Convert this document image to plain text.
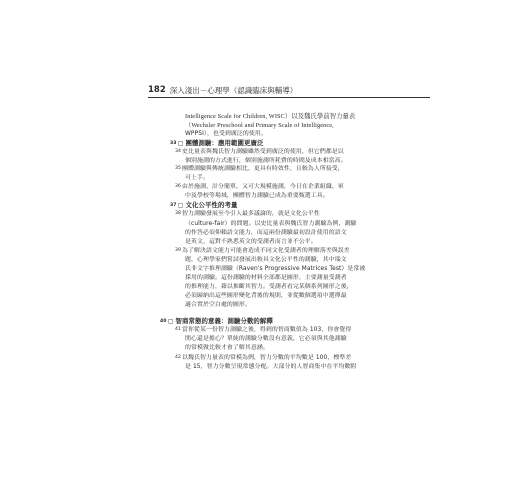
182 深入淺出－心理學（認識臨床與輔導）
Intelligence Scale for Children, WISC）以及魏氏學前智力量表
（Wechsler Preschool and Primary Scale of Intelligence,
WPPSI），也受到廣泛的使用。
$^{33}$▢ 團體測驗：應用範圍更廣泛
$^{34}$史比量表與魏氏智力測驗雖然受到廣泛的使用，但它們都是以
個別施測的方式進行，個別施測所耗費的時間及成本相當高。
$^{35}$團體測驗與傳統測驗相比，更具有時效性，且較為人所接受，
可上手。
$^{36}$由於施測、計分簡單，又可大規模施測，今日在企業組織、軍
中及學校等場域，團體智力測驗已成為重要甄選工具。
$^{37}$▢ 文化公平性的考量
$^{38}$智力測驗發展至今引人最多議論的，就是文化公平性
（culture-fair）的問題。以史比量表與魏氏智力測驗為例，測驗
的作答必須仰賴語文能力，而這兩份測驗最初設計使用的語文
是英文，這對不熟悉英文的受測者而言並不公平。
$^{39}$為了解決語文能力可能會造成不同文化受測者的理解落差與誤差
題，心理學家們嘗試發展出較具文化公平性的測驗，其中瑞文
氏非文字推理測驗（Raven's Progressive Matrices Test）是常被
採用的測驗。這份測驗的材料全部都是圖形，主要測量受測者
的推理能力，藉以推斷其智力。受測者看完某個系列圖形之後，
必須歸納出這些圖形變化背後的規則，並從數個選項中選擇最
適合置於空白處的圖形。
$^{40}$▢ 智商常態的意義：測驗分數的解釋
$^{41}$當你從某一份智力測驗之後，得到的智商數值為 103，你會覺得
開心還是擔心？單純的測驗分數沒有意義，它必須與其他測驗
的常模做比較才會了解其意涵。
$^{42}$以魏氏智力量表的常模為例，智力分數的平均數是 100，標準差
是 15，智力分數呈現常態分配。大部分的人智商集中在平均數附
